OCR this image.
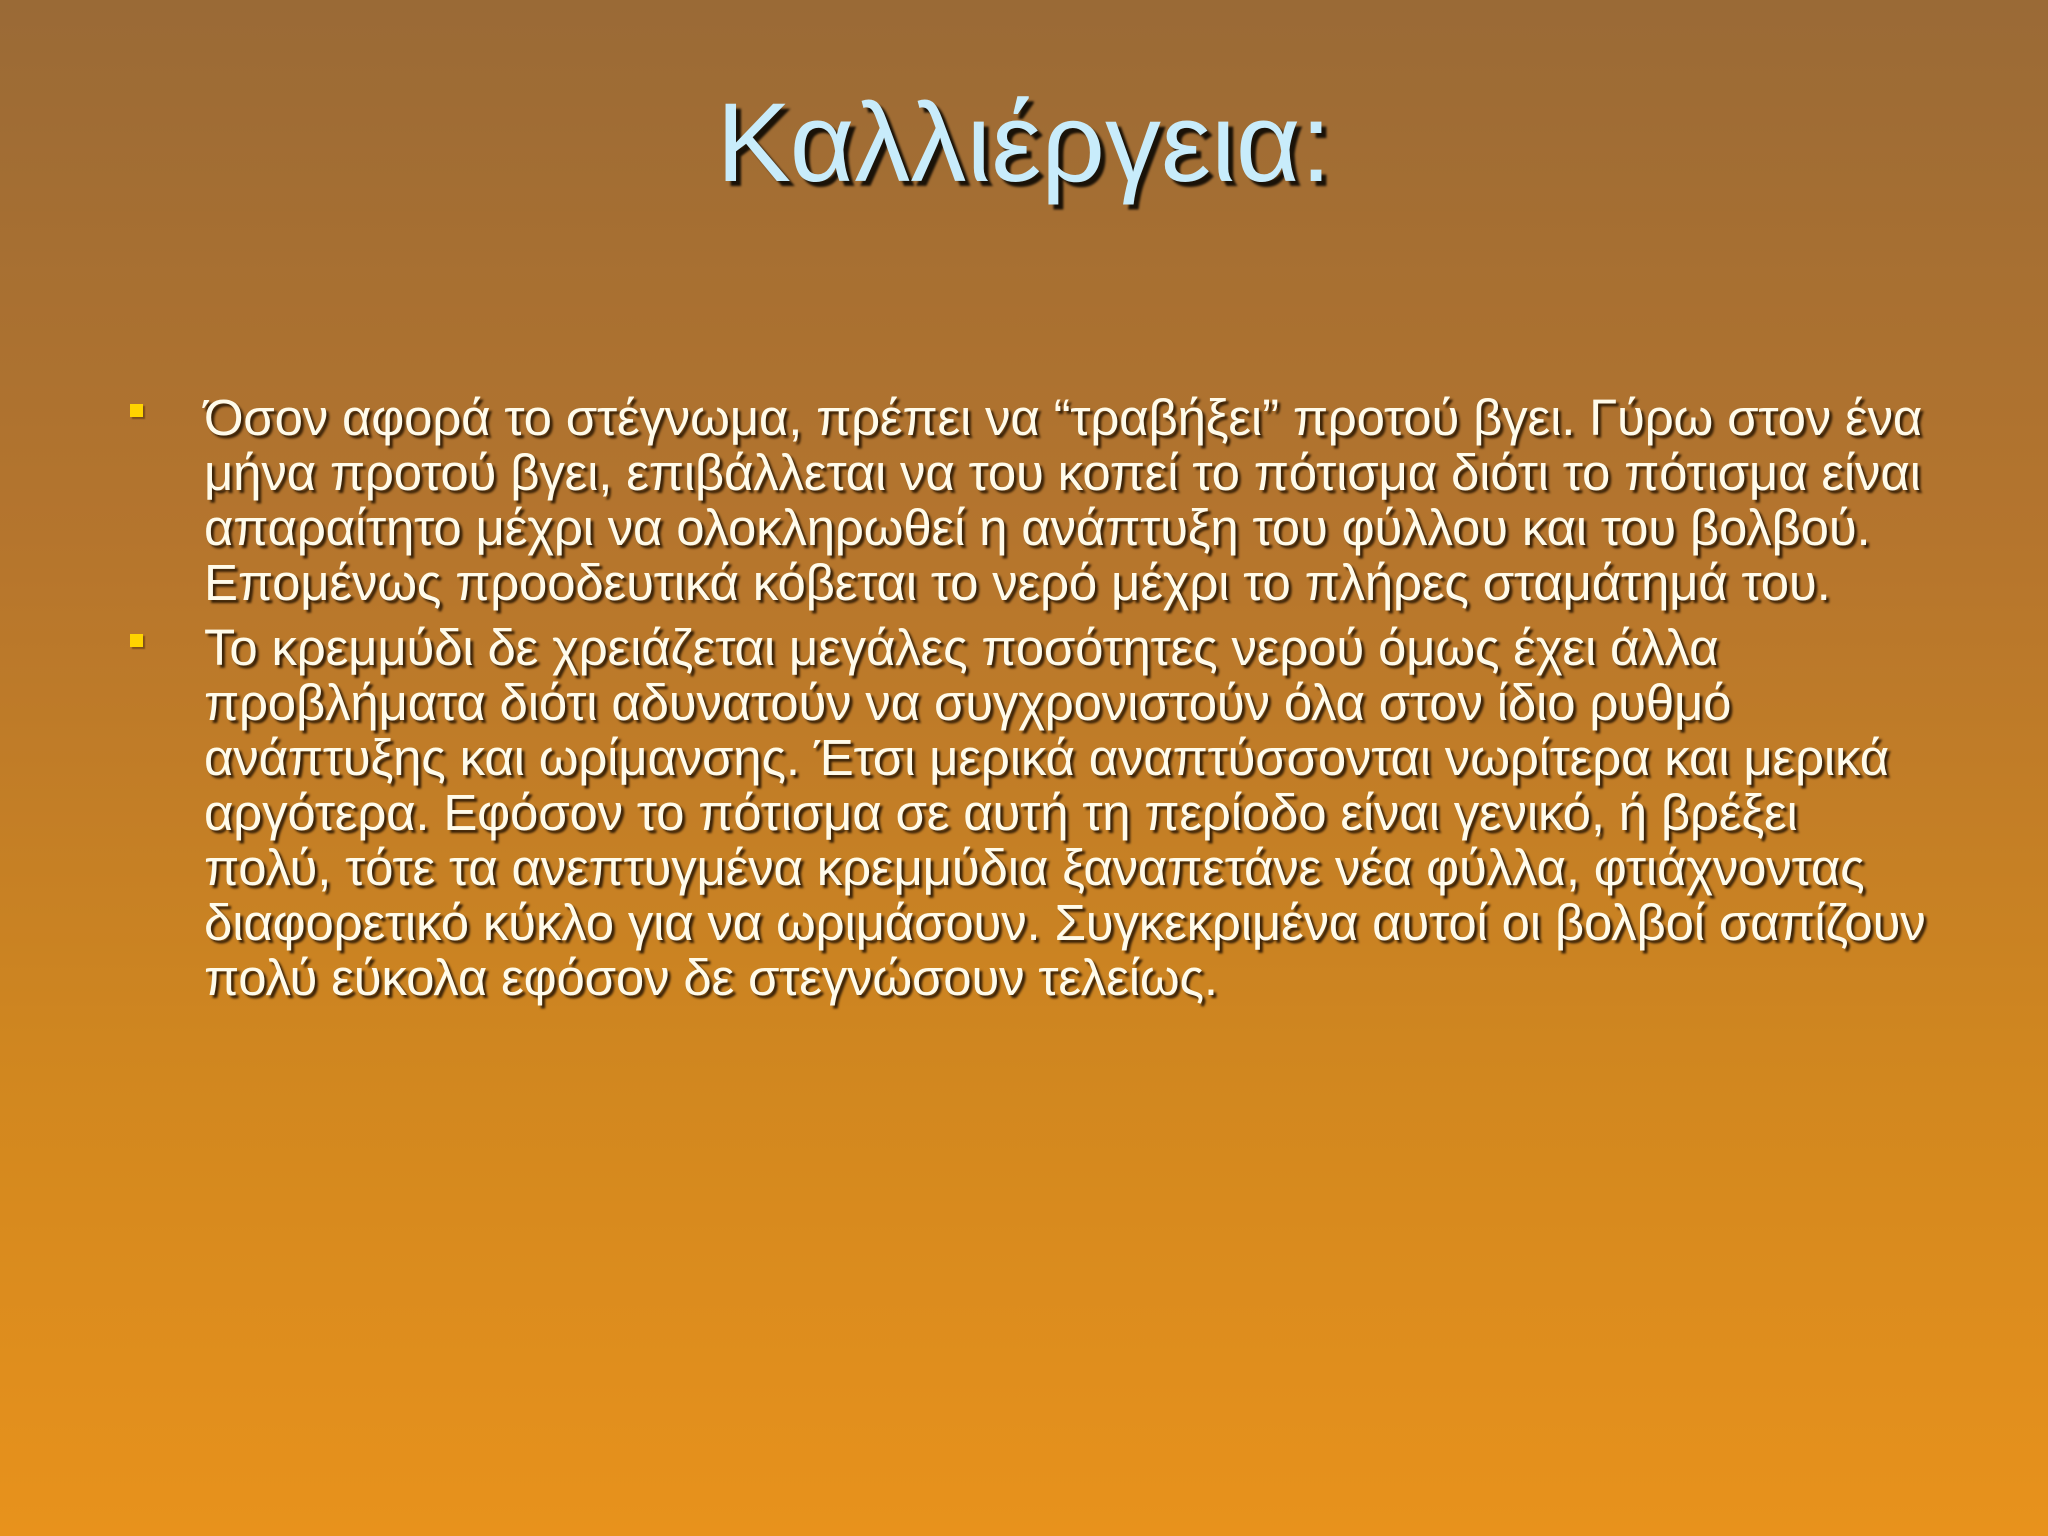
Καλλιέργεια:
Όσον αφορά το στέγνωμα, πρέπει να “τραβήξει” προτού βγει. Γύρω στον ένα μήνα προτού βγει, επιβάλλεται να του κοπεί το πότισμα διότι το πότισμα είναι απαραίτητο μέχρι να ολοκληρωθεί η ανάπτυξη του φύλλου και του βολβού. Επομένως προοδευτικά κόβεται το νερό μέχρι το πλήρες σταμάτημά του.
Το κρεμμύδι δε χρειάζεται μεγάλες ποσότητες νερού όμως έχει άλλα προβλήματα διότι αδυνατούν να συγχρονιστούν όλα στον ίδιο ρυθμό ανάπτυξης και ωρίμανσης. Έτσι μερικά αναπτύσσονται νωρίτερα και μερικά αργότερα. Εφόσον το πότισμα σε αυτή τη περίοδο είναι γενικό, ή βρέξει πολύ, τότε τα ανεπτυγμένα κρεμμύδια ξαναπετάνε νέα φύλλα, φτιάχνοντας διαφορετικό κύκλο για να ωριμάσουν. Συγκεκριμένα αυτοί οι βολβοί σαπίζουν πολύ εύκολα εφόσον δε στεγνώσουν τελείως.
